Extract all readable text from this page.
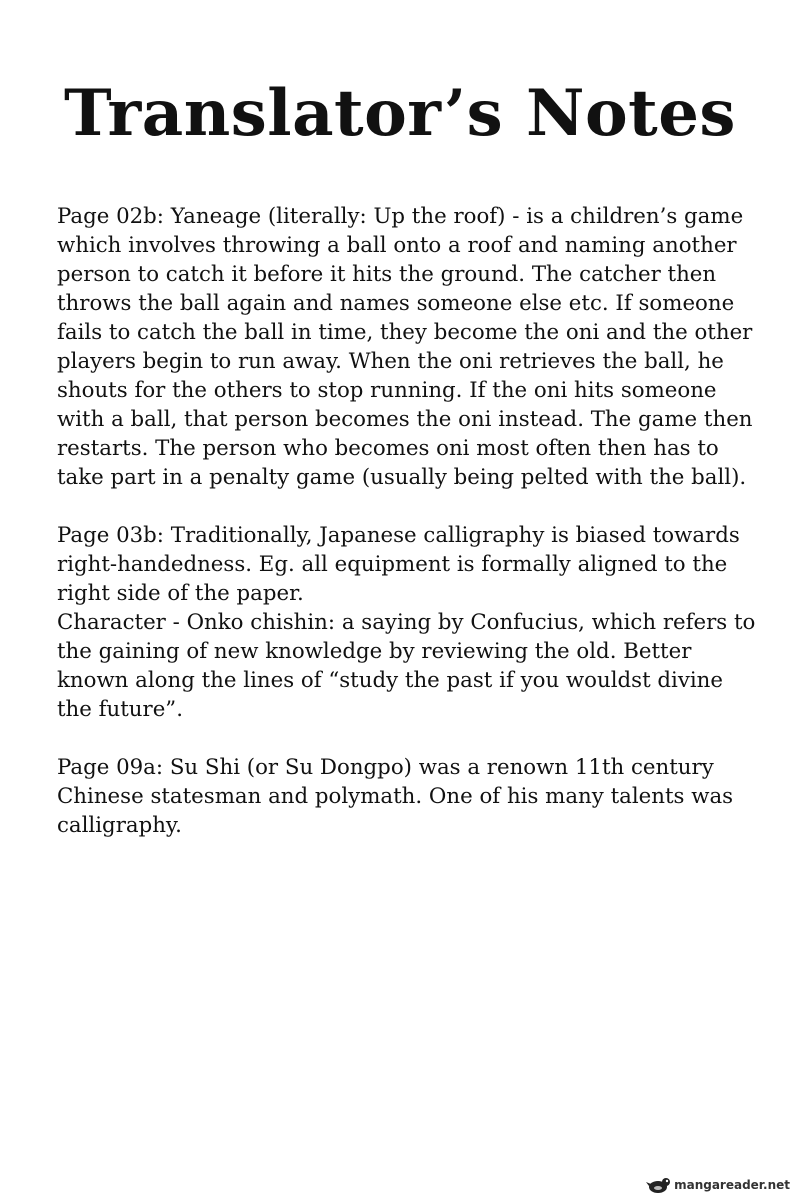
Translator’s Notes

Page 02b: Yaneage (literally: Up the roof) - is a children’s game which involves throwing a ball onto a roof and naming another person to catch it before it hits the ground. The catcher then throws the ball again and names someone else etc. If someone fails to catch the ball in time, they become the oni and the other players begin to run away. When the oni retrieves the ball, he shouts for the others to stop running. If the oni hits someone with a ball, that person becomes the oni instead. The game then restarts. The person who becomes oni most often then has to take part in a penalty game (usually being pelted with the ball).

Page 03b: Traditionally, Japanese calligraphy is biased towards right-handedness. Eg. all equipment is formally aligned to the right side of the paper.

Character - Onko chishin: a saying by Confucius, which refers to the gaining of new knowledge by reviewing the old. Better known along the lines of “study the past if you wouldst divine the future”.

Page 09a: Su Shi (or Su Dongpo) was a renown 11th century Chinese statesman and polymath. One of his many talents was calligraphy.

mangareader.net
